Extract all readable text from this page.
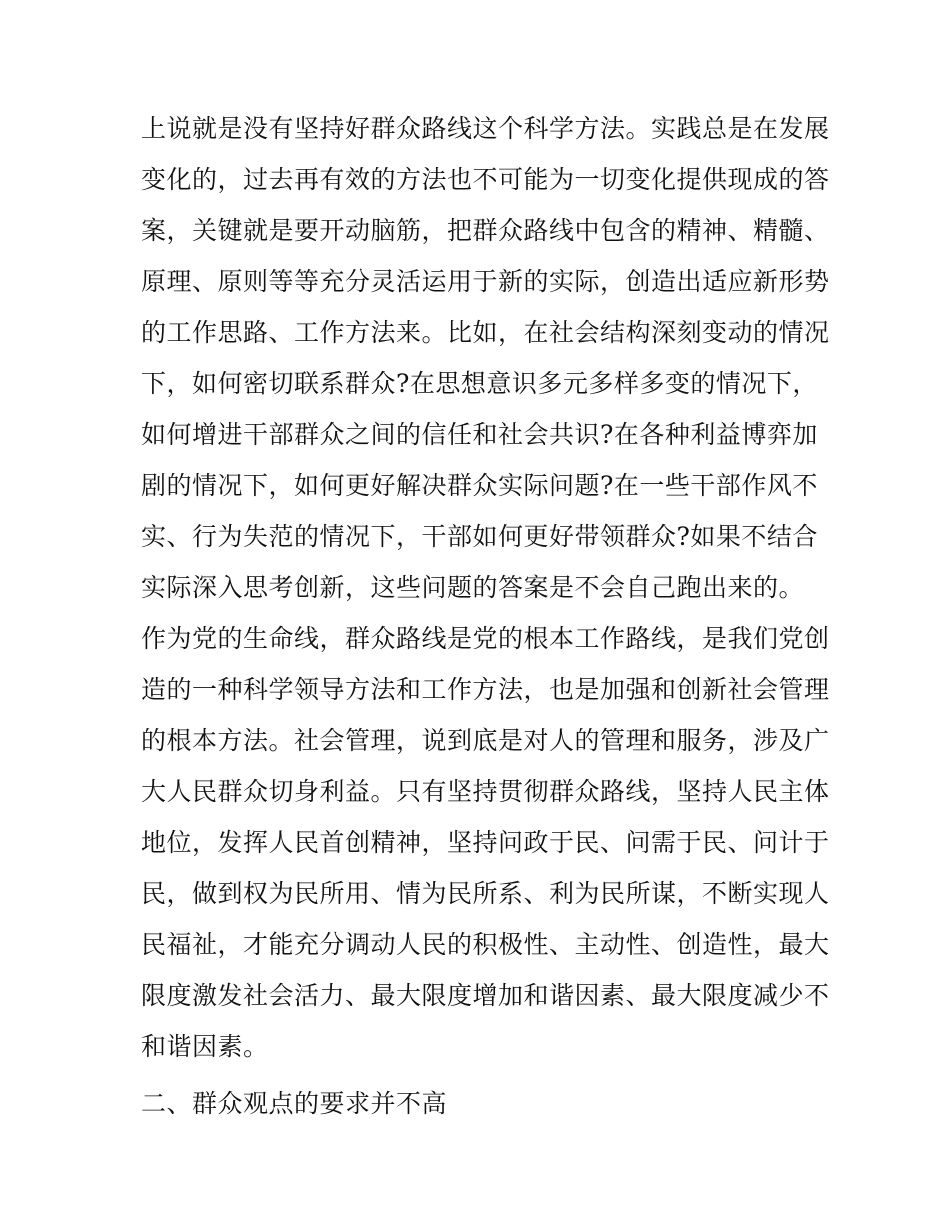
上说就是没有坚持好群众路线这个科学方法。实践总是在发展
变化的，过去再有效的方法也不可能为一切变化提供现成的答
案，关键就是要开动脑筋，把群众路线中包含的精神、精髓、
原理、原则等等充分灵活运用于新的实际，创造出适应新形势
的工作思路、工作方法来。比如，在社会结构深刻变动的情况
下，如何密切联系群众?在思想意识多元多样多变的情况下，
如何增进干部群众之间的信任和社会共识?在各种利益博弈加
剧的情况下，如何更好解决群众实际问题?在一些干部作风不
实、行为失范的情况下，干部如何更好带领群众?如果不结合
实际深入思考创新，这些问题的答案是不会自己跑出来的。
作为党的生命线，群众路线是党的根本工作路线，是我们党创
造的一种科学领导方法和工作方法，也是加强和创新社会管理
的根本方法。社会管理，说到底是对人的管理和服务，涉及广
大人民群众切身利益。只有坚持贯彻群众路线，坚持人民主体
地位，发挥人民首创精神，坚持问政于民、问需于民、问计于
民，做到权为民所用、情为民所系、利为民所谋，不断实现人
民福祉，才能充分调动人民的积极性、主动性、创造性，最大
限度激发社会活力、最大限度增加和谐因素、最大限度减少不
和谐因素。
二、群众观点的要求并不高
